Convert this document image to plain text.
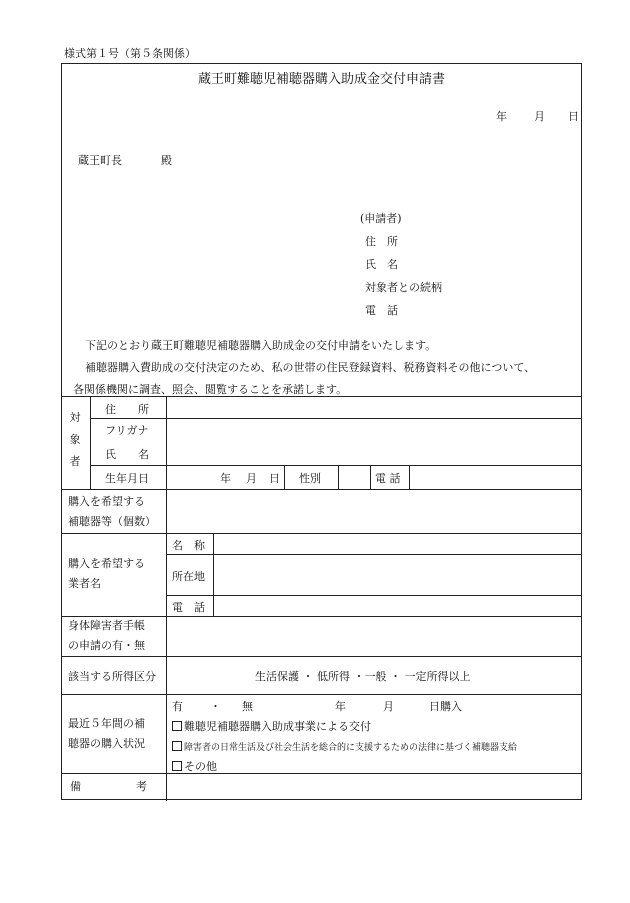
様式第１号（第５条関係）
蔵王町難聴児補聴器購入助成金交付申請書
年 月 日
蔵王町長	殿
(申請者)
住　所
氏　名
対象者との続柄
電　話
下記のとおり蔵王町難聴児補聴器購入助成金の交付申請をいたします。
補聴器購入費助成の交付決定のため、私の世帯の住民登録資料、税務資料その他について、
各関係機関に調査、照会、閲覧することを承諾します。
対
象
者
住　　所
フリガナ
氏　　名
生年月日	年 月 日 性別	電 話
購入を希望する
補聴器等（個数）
購入を希望する
業者名
名　称
所在地
電　話
身体障害者手帳
の申請の有・無
該当する所得区分	生活保護 ・ 低所得 ・一般 ・ 一定所得以上
最近５年間の補
聴器の購入状況
有 ・ 無	年	月	日購入
難聴児補聴器購入助成事業による交付
障害者の日常生活及び社会生活を総合的に支援するための法律に基づく補聴器支給
その他
備	考
